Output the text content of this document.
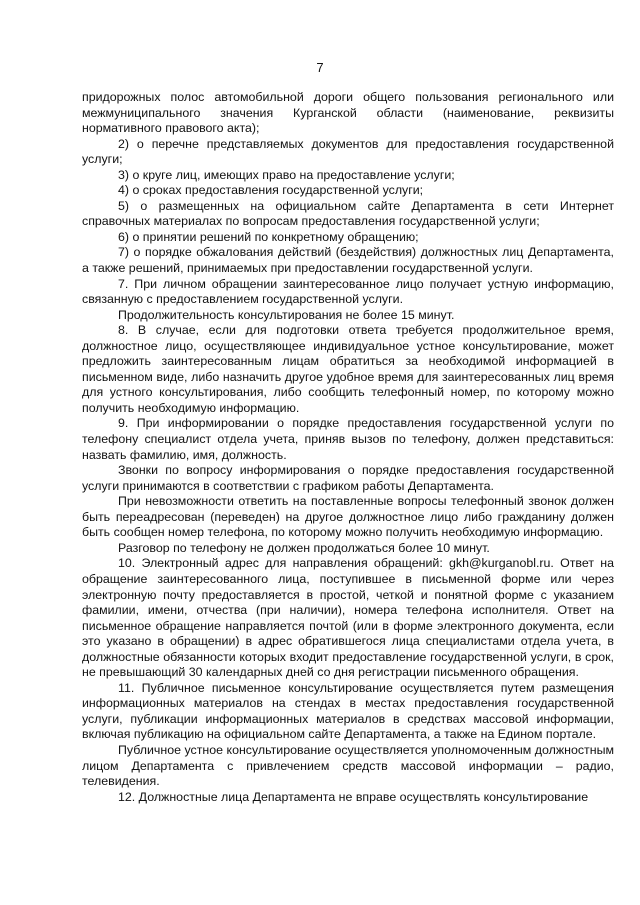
7

придорожных полос автомобильной дороги общего пользования регионального или межмуниципального значения Курганской области (наименование, реквизиты нормативного правового акта);

2) о перечне представляемых документов для предоставления государственной услуги;

3) о круге лиц, имеющих право на предоставление услуги;

4) о сроках предоставления государственной услуги;

5) о размещенных на официальном сайте Департамента в сети Интернет справочных материалах по вопросам предоставления государственной услуги;

6) о принятии решений по конкретному обращению;

7) о порядке обжалования действий (бездействия) должностных лиц Департамента, а также решений, принимаемых при предоставлении государственной услуги.

7. При личном обращении заинтересованное лицо получает устную информацию, связанную с предоставлением государственной услуги.

Продолжительность консультирования не более 15 минут.

8. В случае, если для подготовки ответа требуется продолжительное время, должностное лицо, осуществляющее индивидуальное устное консультирование, может предложить заинтересованным лицам обратиться за необходимой информацией в письменном виде, либо назначить другое удобное время для заинтересованных лиц время для устного консультирования, либо сообщить телефонный номер, по которому можно получить необходимую информацию.

9. При информировании о порядке предоставления государственной услуги по телефону специалист отдела учета, приняв вызов по телефону, должен представиться: назвать фамилию, имя, должность.

Звонки по вопросу информирования о порядке предоставления государственной услуги принимаются в соответствии с графиком работы Департамента.

При невозможности ответить на поставленные вопросы телефонный звонок должен быть переадресован (переведен) на другое должностное лицо либо гражданину должен быть сообщен номер телефона, по которому можно получить необходимую информацию.

Разговор по телефону не должен продолжаться более 10 минут.

10. Электронный адрес для направления обращений: gkh@kurganobl.ru. Ответ на обращение заинтересованного лица, поступившее в письменной форме или через электронную почту предоставляется в простой, четкой и понятной форме с указанием фамилии, имени, отчества (при наличии), номера телефона исполнителя. Ответ на письменное обращение направляется почтой (или в форме электронного документа, если это указано в обращении) в адрес обратившегося лица специалистами отдела учета, в должностные обязанности которых входит предоставление государственной услуги, в срок, не превышающий 30 календарных дней со дня регистрации письменного обращения.

11. Публичное письменное консультирование осуществляется путем размещения информационных материалов на стендах в местах предоставления государственной услуги, публикации информационных материалов в средствах массовой информации, включая публикацию на официальном сайте Департамента, а также на Едином портале.

Публичное устное консультирование осуществляется уполномоченным должностным лицом Департамента с привлечением средств массовой информации – радио, телевидения.

12. Должностные лица Департамента не вправе осуществлять консультирование
